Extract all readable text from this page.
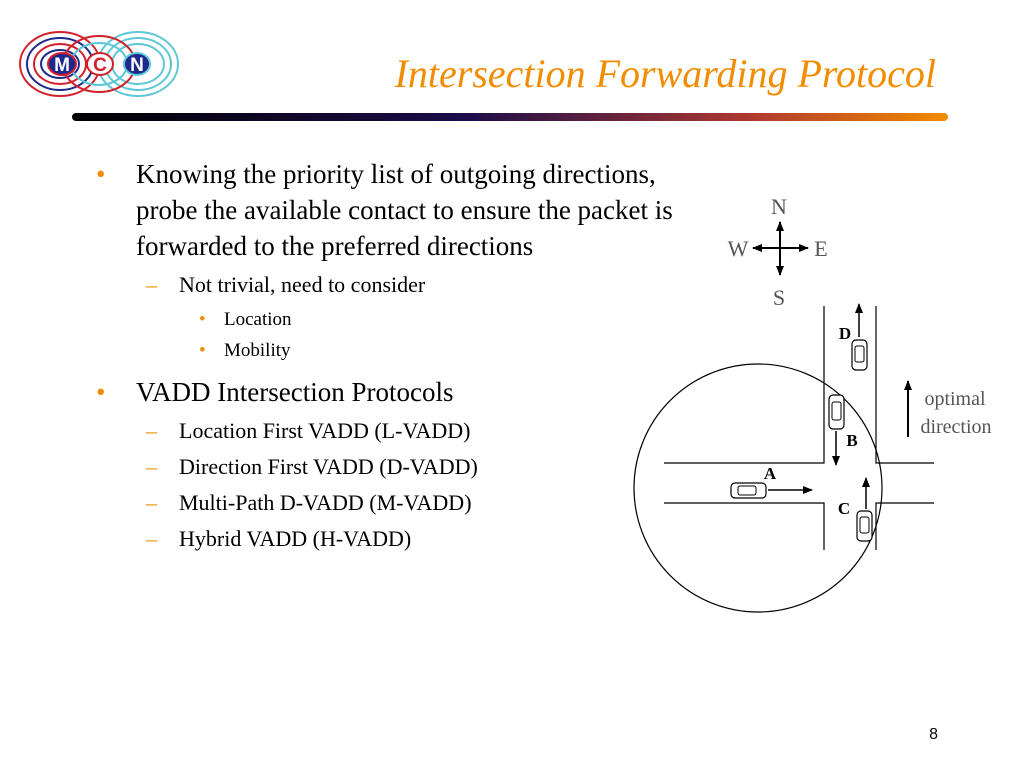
M C N	Intersection Forwarding Protocol
• Knowing the priority list of outgoing directions, probe the available contact to ensure the packet is forwarded to the preferred directions
– Not trivial, need to consider
• Location
• Mobility
• VADD Intersection Protocols
– Location First VADD (L-VADD)
– Direction First VADD (D-VADD)
– Multi-Path D-VADD (M-VADD)
– Hybrid VADD (H-VADD)
N
S
W	E
A
B
C
D
optimal
direction
8
